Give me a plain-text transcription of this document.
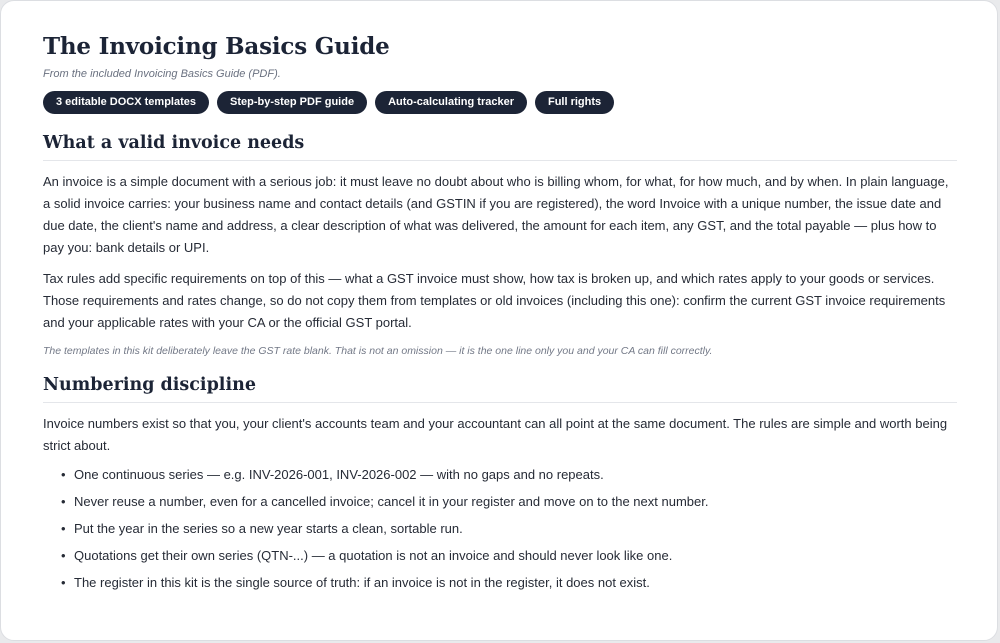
The Invoicing Basics Guide
From the included Invoicing Basics Guide (PDF).
3 editable DOCX templates	Step-by-step PDF guide	Auto-calculating tracker	Full rights
What a valid invoice needs

An invoice is a simple document with a serious job: it must leave no doubt about who is billing whom, for what, for how much, and by when. In plain language, a solid invoice carries: your business name and contact details (and GSTIN if you are registered), the word Invoice with a unique number, the issue date and due date, the client's name and address, a clear description of what was delivered, the amount for each item, any GST, and the total payable — plus how to pay you: bank details or UPI.

Tax rules add specific requirements on top of this — what a GST invoice must show, how tax is broken up, and which rates apply to your goods or services. Those requirements and rates change, so do not copy them from templates or old invoices (including this one): confirm the current GST invoice requirements and your applicable rates with your CA or the official GST portal.

The templates in this kit deliberately leave the GST rate blank. That is not an omission — it is the one line only you and your CA can fill correctly.
Numbering discipline

Invoice numbers exist so that you, your client's accounts team and your accountant can all point at the same document. The rules are simple and worth being strict about.

• One continuous series — e.g. INV-2026-001, INV-2026-002 — with no gaps and no repeats.
• Never reuse a number, even for a cancelled invoice; cancel it in your register and move on to the next number.
• Put the year in the series so a new year starts a clean, sortable run.
• Quotations get their own series (QTN-...) — a quotation is not an invoice and should never look like one.
• The register in this kit is the single source of truth: if an invoice is not in the register, it does not exist.
